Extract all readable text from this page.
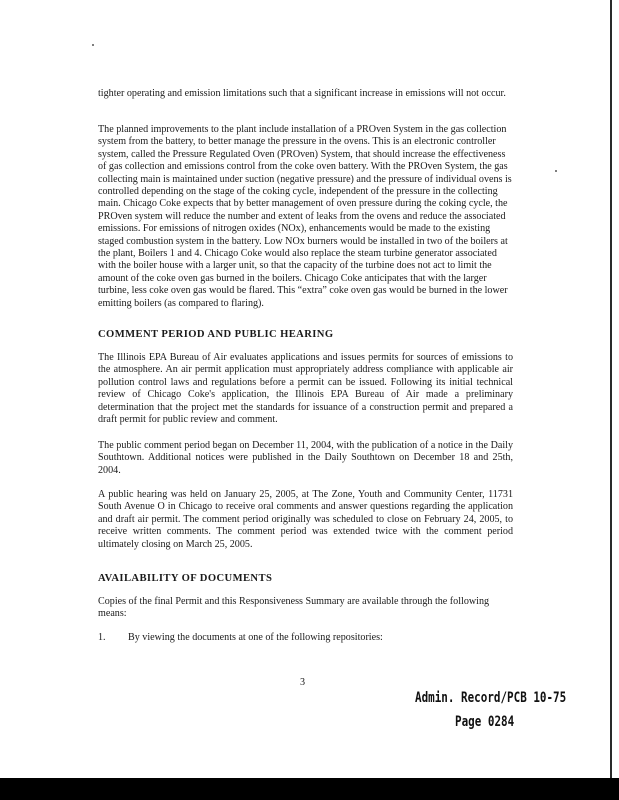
tighter operating and emission limitations such that a significant increase in emissions will not occur.
The planned improvements to the plant include installation of a PROven System in the gas collection system from the battery, to better manage the pressure in the ovens. This is an electronic controller system, called the Pressure Regulated Oven (PROven) System, that should increase the effectiveness of gas collection and emissions control from the coke oven battery. With the PROven System, the gas collecting main is maintained under suction (negative pressure) and the pressure of individual ovens is controlled depending on the stage of the coking cycle, independent of the pressure in the collecting main. Chicago Coke expects that by better management of oven pressure during the coking cycle, the PROven system will reduce the number and extent of leaks from the ovens and reduce the associated emissions. For emissions of nitrogen oxides (NOx), enhancements would be made to the existing staged combustion system in the battery. Low NOx burners would be installed in two of the boilers at the plant, Boilers 1 and 4. Chicago Coke would also replace the steam turbine generator associated with the boiler house with a larger unit, so that the capacity of the turbine does not act to limit the amount of the coke oven gas burned in the boilers. Chicago Coke anticipates that with the larger turbine, less coke oven gas would be flared. This “extra” coke oven gas would be burned in the lower emitting boilers (as compared to flaring).
COMMENT PERIOD AND PUBLIC HEARING
The Illinois EPA Bureau of Air evaluates applications and issues permits for sources of emissions to the atmosphere. An air permit application must appropriately address compliance with applicable air pollution control laws and regulations before a permit can be issued. Following its initial technical review of Chicago Coke's application, the Illinois EPA Bureau of Air made a preliminary determination that the project met the standards for issuance of a construction permit and prepared a draft permit for public review and comment.
The public comment period began on December 11, 2004, with the publication of a notice in the Daily Southtown. Additional notices were published in the Daily Southtown on December 18 and 25th, 2004.
A public hearing was held on January 25, 2005, at The Zone, Youth and Community Center, 11731 South Avenue O in Chicago to receive oral comments and answer questions regarding the application and draft air permit. The comment period originally was scheduled to close on February 24, 2005, to receive written comments. The comment period was extended twice with the comment period ultimately closing on March 25, 2005.
AVAILABILITY OF DOCUMENTS
Copies of the final Permit and this Responsiveness Summary are available through the following means:
1. By viewing the documents at one of the following repositories:
3
Admin. Record/PCB 10-75
Page 0284
